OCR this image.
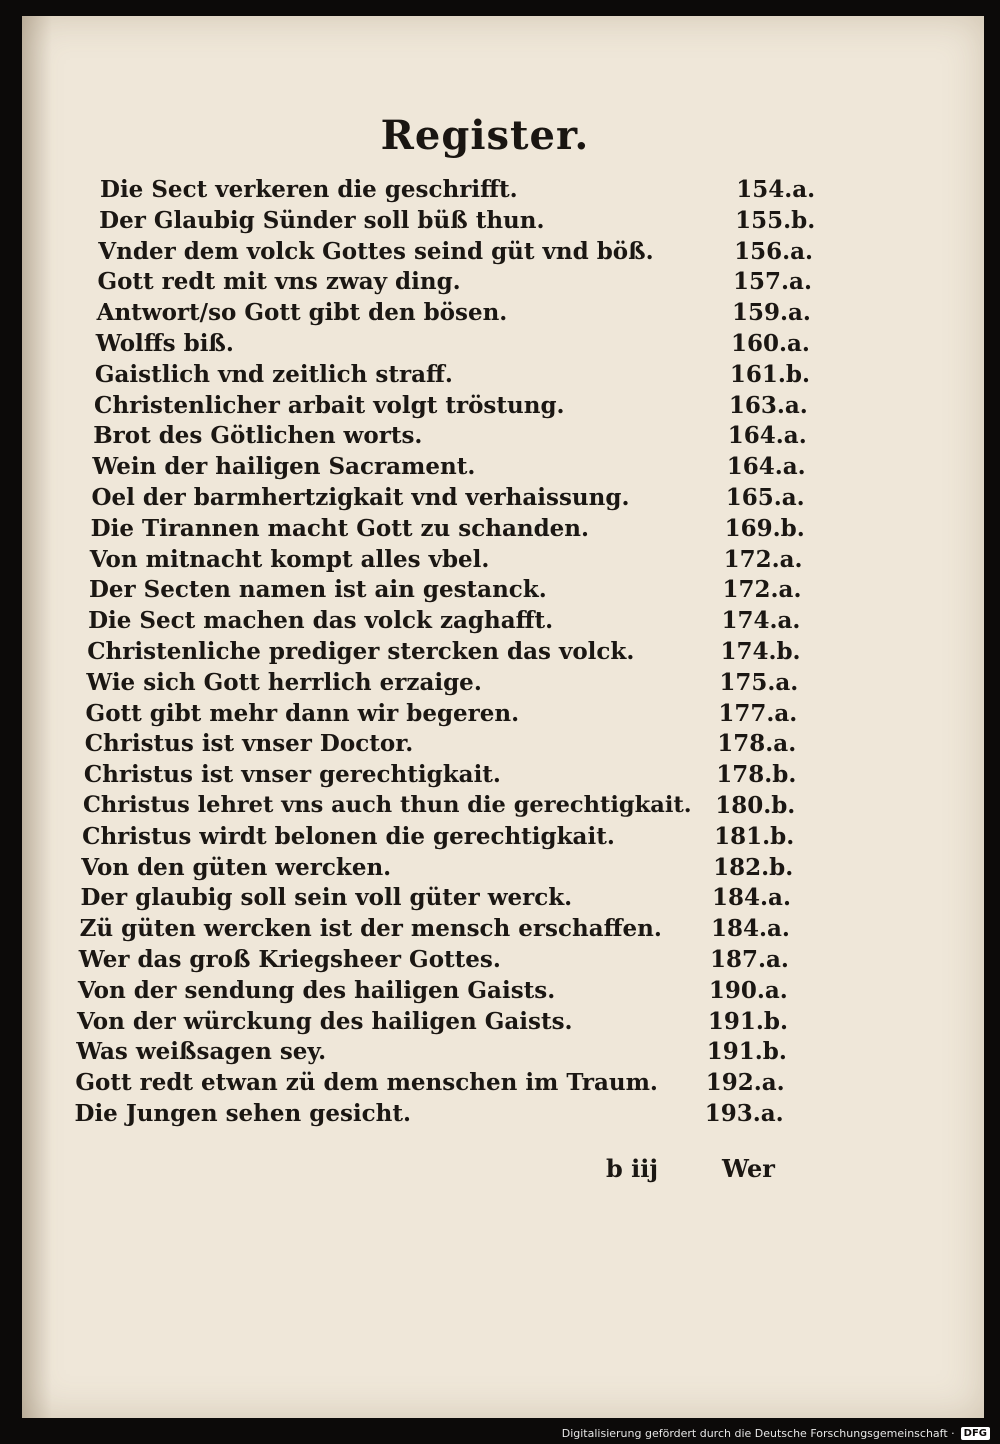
Register.
Die Sect verkeren die geschrifft.	154.a.
Der Glaubig Sünder soll büß thun.	155.b.
Vnder dem volck Gottes seind güt vnd böß.	156.a.
Gott redt mit vns zway ding.	157.a.
Antwort/so Gott gibt den bösen.	159.a.
Wolffs biß.	160.a.
Gaistlich vnd zeitlich straff.	161.b.
Christenlicher arbait volgt tröstung.	163.a.
Brot des Götlichen worts.	164.a.
Wein der hailigen Sacrament.	164.a.
Oel der barmhertzigkait vnd verhaissung.	165.a.
Die Tirannen macht Gott zu schanden.	169.b.
Von mitnacht kompt alles vbel.	172.a.
Der Secten namen ist ain gestanck.	172.a.
Die Sect machen das volck zaghafft.	174.a.
Christenliche prediger stercken das volck.	174.b.
Wie sich Gott herrlich erzaige.	175.a.
Gott gibt mehr dann wir begeren.	177.a.
Christus ist vnser Doctor.	178.a.
Christus ist vnser gerechtigkait.	178.b.
Christus lehret vns auch thun die gerechtigkait. 180.b.
Christus wirdt belonen die gerechtigkait.	181.b.
Von den güten wercken.	182.b.
Der glaubig soll sein voll güter werck.	184.a.
Zü güten wercken ist der mensch erschaffen. 184.a.
Wer das groß Kriegsheer Gottes.	187.a.
Von der sendung des hailigen Gaists.	190.a.
Von der würckung des hailigen Gaists.	191.b.
Was weißsagen sey.	191.b.
Gott redt etwan zü dem menschen im Traum. 192.a.
Die Jungen sehen gesicht.	193.a.
b iij	Wer
Digitalisierung gefördert durch die Deutsche Forschungsgemeinschaft · DFG
